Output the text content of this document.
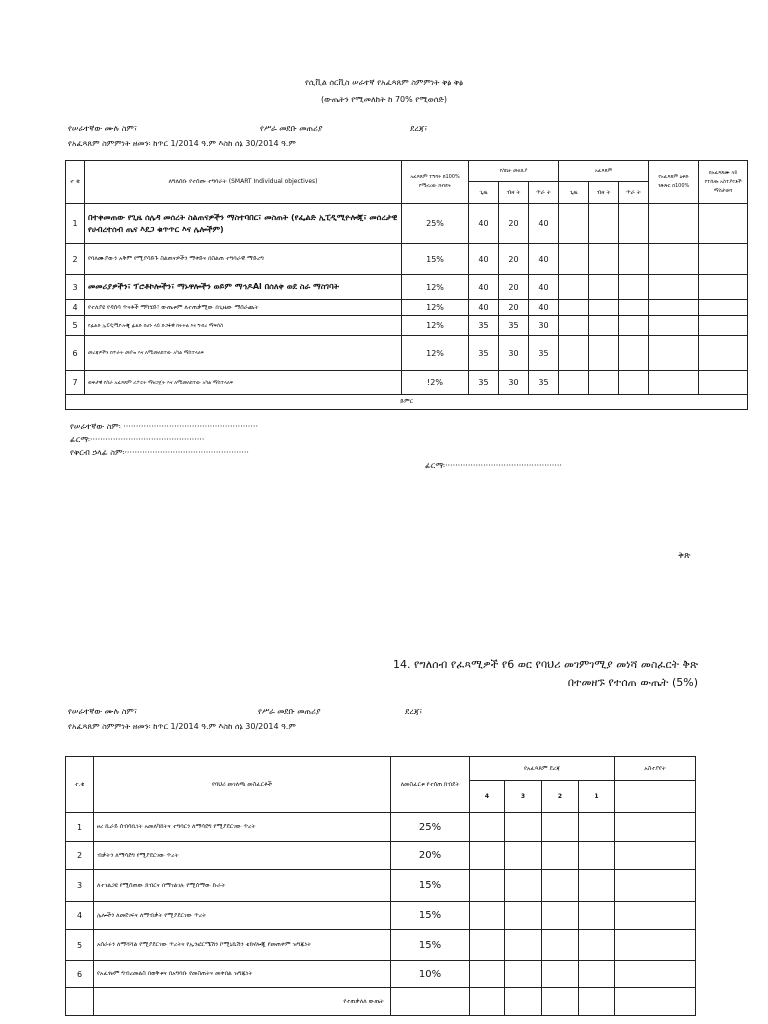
የሲቪል ሰርቪስ ሠራተኛ የአፈጻጸም ስምምነት ቅፅ ቅፅ
(ውጤትን የሚመለከት ከ 70% የሚወሰድ)
የሠራተኛው ሙሉ ስም፣	የሥራ መደቡ መጠሪያ	ደረጃ፣
የአፈጻጸም ስምምነት ዘመን፡ ከጥር 1/2014 ዓ.ም እስከ ሰኔ 30/2014 ዓ.ም
ተ ቁ	ለግለሰቡ የተሰጡ ተግባራት (SMART Individual objectives)	አፈጻጸም ተግባሩ ከ100% የሚኖረው ክብደት	የስኬት መለኪያ			አፈጻጸም			የአፈጻጸም ዕቅድ ንጽጽር በ100%	በአፈጻጸሙ ላይ የተሰጡ አስተያየቶች ማስታወሻ
			ጊዜ	ብዛ ት	ጥራ ት	ጊዜ	ብዛ ት	ጥራ ት		
1	በተቀመጠው የጊዜ ሰሌዳ መሰረት ስልጠናዎችን ማስተባበር፣ መስጠት (የፌልድ ኢፒዲሚዮሎጂ፣ መሰረታዊ የሀብረተሰብ ጤና እደጋ ቁጥጥር እና ሌሎችም)	25%	40	20	40					
2	የባለሙያውን አቅም የሚያሳድጉ ስልጠናዎችን ማቀድና በስልጠ ተግባራዊ ማድረግ	15%	40	20	40					
3	መመሪያዎችን፣ ፕሮቶኮሎችን፣ ማኑዋሎችን ወይም ማኅዶAl በሰለቀ ወደ ስራ ማስገባት	12%	40	20	40					
4	የተለያዩ የዳሰሳ ጥናቶች ማካሄድ፣ ውጤቱም ለተጠቃሚው በጊዜው ማሰራጨት	12%	40	20	40					
5	የፊልድ ኢፒዲሚዮሎጂ ፊልድ በሆኑ ላይ ድጋፋዊ ክትትል እና ግብረ ማፍሰስ	12%	35	35	30					
6	መረጃዎችን በጥራት መያዝ እና ለሚመለከተው አካል ማስተላለፍ	12%	35	30	35					
7	ወቅታዊ የስራ አፈጻጸም ሪፖርት ማዘጋጀት እና ለሚመለከተው አካል ማስተላለፍ	!2%	35	30	35					
ድምር										
የሠራተኛው ስም፡ ·····················································
ፊርማ፡·············································
የቅርብ ኃላፊ ስም፡·················································
ፊርማ፡··············································
ቅጽ
14. የግለሰብ የፈጻሚዎች የ6 ወር የባህሪ መገምገሚያ መነሻ መስፈርት ቅጽ
በተመዘኙ የተሰጠ ውጤት (5%)
የሠራተኛው ሙሉ ስም፣	የሥራ መደቡ መጠሪያ	ደረጃ፣
የአፈጻጸም ስምምነት ዘመን፡ ከጥር 1/2014 ዓ.ም እስከ ሰኔ 30/2014 ዓ.ም
ተ.ቁ	የባህሪ መገለጫ መስፈርቶች	ለመስፈርቱ የተሰጠ ክብደት	የአፈጻጸም ደረጃ				አስተያየት
			4	3	2	1	
1	ፀረ ኪራይ ሰብሳቢነት አመለካከትና ተግባርን ለማሳደግ የሚያደርገው ጥረት	25%					
2	ብቃትን ለማሳደግ የሚያደርገው ጥረት	20%					
3	ለተገልጋዩ የሚሰጠው ክብርና በማገልገሉ የሚሰማው ኩራት	15%					
4	ሌሎችን ለመደገፍና ለማብቃት የሚያደርገው ጥረት	15%					
5	አሰራሩን ለማሻሻል የሚያደርገው ጥረትና የኢንፎርሜሽን ኮሚኒኬሽን ቴክኖሎጂ የመጠቀም ዝግጁነት	15%					
6	የአፈፃፀም ግብረመልስ በወቅቱና በአግባቡ የመስጠትና መቀበል ዝግጁነት	10%					
	የተጠቃለለ ውጤት						
